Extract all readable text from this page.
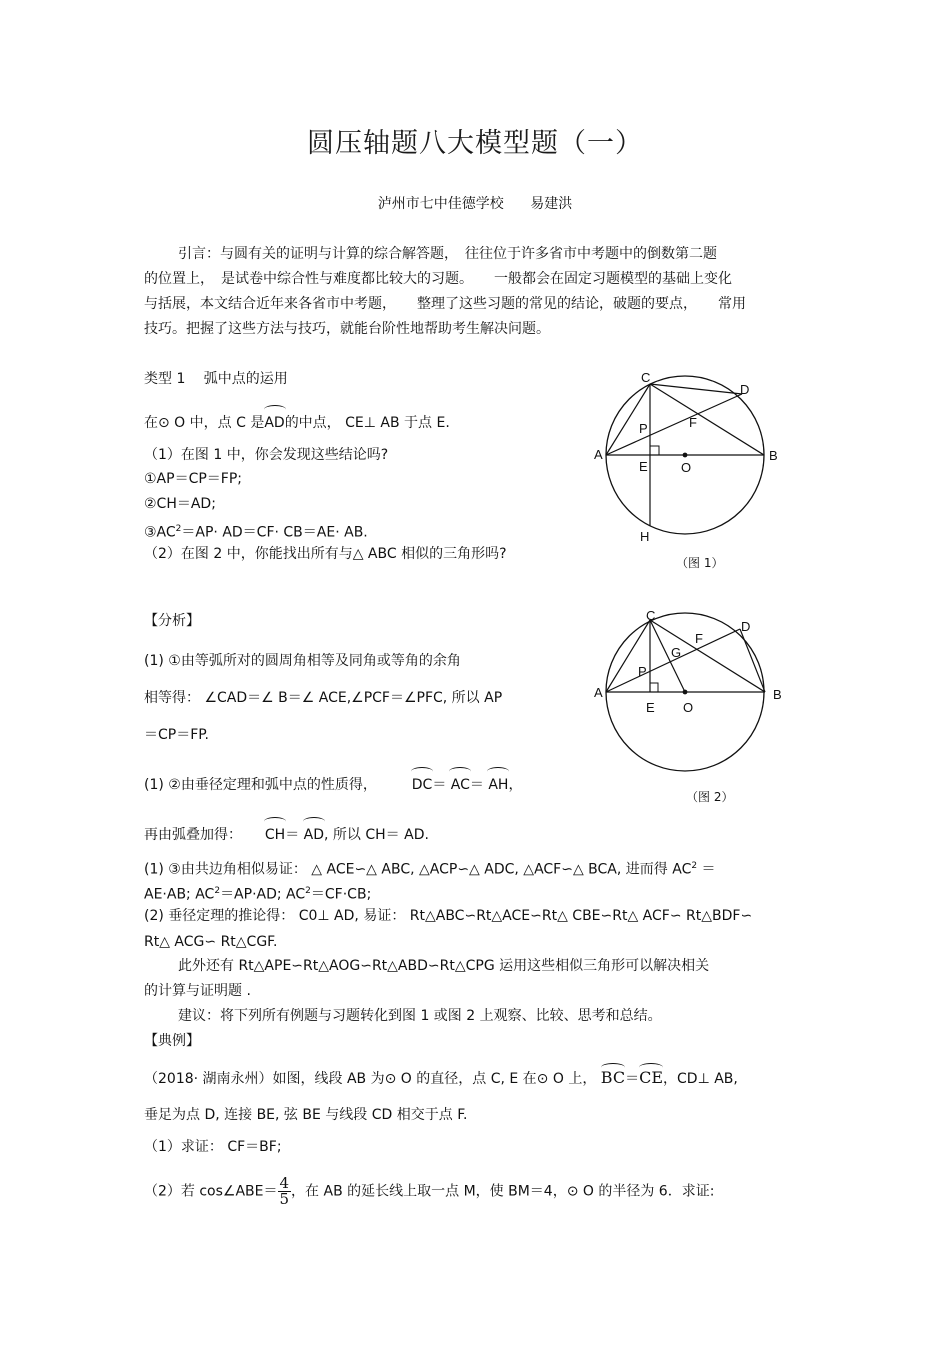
圆压轴题八大模型题（一）
泸州市七中佳德学校 易建洪
引言：与圆有关的证明与计算的综合解答题，　往往位于许多省市中考题中的倒数第二题
的位置上，　是试卷中综合性与难度都比较大的习题。　　一般都会在固定习题模型的基础上变化
与括展，本文结合近年来各省市中考题，　　整理了这些习题的常见的结论，破题的要点，　　常用
技巧。把握了这些方法与技巧，就能台阶性地帮助考生解决问题。
类型 1　 弧中点的运用
在⊙ O 中，点 C 是AD的中点， CE⊥ AB 于点 E.
（1）在图 1 中，你会发现这些结论吗?
①AP＝CP＝FP;
②CH＝AD;
$③AC^2=AP\cdot AD=CF\cdot CB=AE\cdot$ AB.
（2）在图 2 中，你能找出所有与△ ABC 相似的三角形吗?
C
D
A	B
P	F
E	O
H
（图 1）
C
D
A	B
P
F
G
E O
（图 2）
【分析】
(1) ①由等弧所对的圆周角相等及同角或等角的余角
相等得： ∠CAD＝∠ B＝∠ ACE,∠PCF＝∠PFC, 所以 AP
＝CP＝FP.
(1) ②由垂径定理和弧中点的性质得， DC＝ AC＝ AH，
再由弧叠加得： CH＝ AD, 所以 CH＝ AD.
(1) ③由共边角相似易证： △ ACE∽△ ABC, △ACP∽△ ADC, △ACF∽△ BCA, 进而得 $AC^2$ ＝
AE·AB; $AC^2=AP\cdot AD$; $AC^2=CF\cdot CB$;
(2) 垂径定理的推论得： C0⊥ AD, 易证： Rt△ABC∽Rt△ACE∽Rt△ CBE∽Rt△ ACF∽ Rt△BDF∽
Rt△ ACG∽ Rt△CGF.
此外还有 Rt△APE∽Rt△AOG∽Rt△ABD∽Rt△CPG 运用这些相似三角形可以解决相关
的计算与证明题 .
建议：将下列所有例题与习题转化到图 1 或图 2 上观察、比较、思考和总结。
【典例】
（2018· 湖南永州）如图，线段 AB 为⊙ O 的直径，点 C, E 在⊙ O 上， BC＝CE，CD⊥ AB,
垂足为点 D, 连接 BE, 弦 BE 与线段 CD 相交于点 F.
（1）求证： CF＝BF;
（2）若 cos∠ABE＝ $\frac{4}{5}$ ，在 AB 的延长线上取一点 M，使 BM＝4，⊙ O 的半径为 6．求证:
